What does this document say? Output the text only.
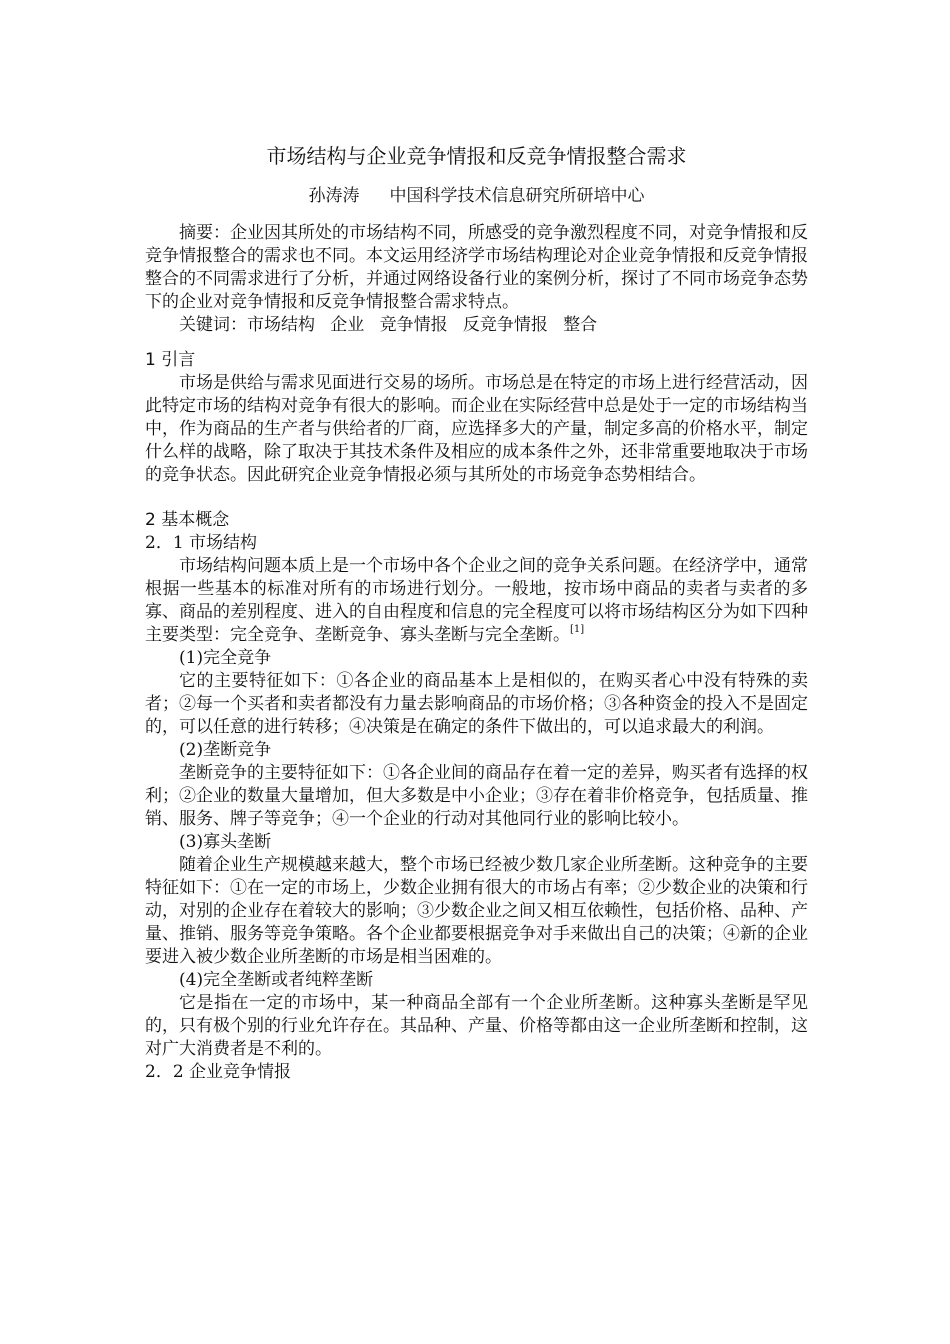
市场结构与企业竞争情报和反竞争情报整合需求
孙涛涛 中国科学技术信息研究所研培中心

摘要：企业因其所处的市场结构不同，所感受的竞争激烈程度不同，对竞争情报和反竞争情报整合的需求也不同。本文运用经济学市场结构理论对企业竞争情报和反竞争情报整合的不同需求进行了分析，并通过网络设备行业的案例分析，探讨了不同市场竞争态势下的企业对竞争情报和反竞争情报整合需求特点。

关键词：市场结构 企业 竞争情报 反竞争情报 整合

1 引言

市场是供给与需求见面进行交易的场所。市场总是在特定的市场上进行经营活动，因此特定市场的结构对竞争有很大的影响。而企业在实际经营中总是处于一定的市场结构当中，作为商品的生产者与供给者的厂商，应选择多大的产量，制定多高的价格水平，制定什么样的战略，除了取决于其技术条件及相应的成本条件之外，还非常重要地取决于市场的竞争状态。因此研究企业竞争情报必须与其所处的市场竞争态势相结合。

2 基本概念

2．1 市场结构

市场结构问题本质上是一个市场中各个企业之间的竞争关系问题。在经济学中，通常根据一些基本的标准对所有的市场进行划分。一般地，按市场中商品的卖者与卖者的多寡、商品的差别程度、进入的自由程度和信息的完全程度可以将市场结构区分为如下四种主要类型：完全竞争、垄断竞争、寡头垄断与完全垄断。[1]

(1)完全竞争

它的主要特征如下：①各企业的商品基本上是相似的，在购买者心中没有特殊的卖者；②每一个买者和卖者都没有力量去影响商品的市场价格；③各种资金的投入不是固定的，可以任意的进行转移；④决策是在确定的条件下做出的，可以追求最大的利润。

(2)垄断竞争

垄断竞争的主要特征如下：①各企业间的商品存在着一定的差异，购买者有选择的权利；②企业的数量大量增加，但大多数是中小企业；③存在着非价格竞争，包括质量、推销、服务、牌子等竞争；④一个企业的行动对其他同行业的影响比较小。

(3)寡头垄断

随着企业生产规模越来越大，整个市场已经被少数几家企业所垄断。这种竞争的主要特征如下：①在一定的市场上，少数企业拥有很大的市场占有率；②少数企业的决策和行动，对别的企业存在着较大的影响；③少数企业之间又相互依赖性，包括价格、品种、产量、推销、服务等竞争策略。各个企业都要根据竞争对手来做出自己的决策；④新的企业要进入被少数企业所垄断的市场是相当困难的。

(4)完全垄断或者纯粹垄断

它是指在一定的市场中，某一种商品全部有一个企业所垄断。这种寡头垄断是罕见的，只有极个别的行业允许存在。其品种、产量、价格等都由这一企业所垄断和控制，这对广大消费者是不利的。

2．2 企业竞争情报
